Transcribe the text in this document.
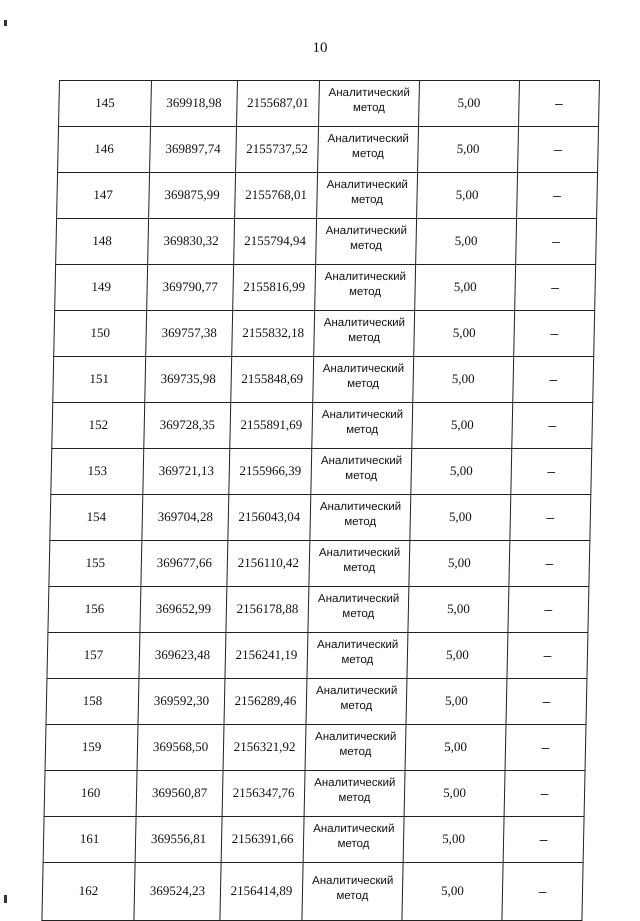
10
145	369918,98	2155687,01	Аналитический метод	5,00	–
146	369897,74	2155737,52	Аналитический метод	5,00	–
147	369875,99	2155768,01	Аналитический метод	5,00	–
148	369830,32	2155794,94	Аналитический метод	5,00	–
149	369790,77	2155816,99	Аналитический метод	5,00	–
150	369757,38	2155832,18	Аналитический метод	5,00	–
151	369735,98	2155848,69	Аналитический метод	5,00	–
152	369728,35	2155891,69	Аналитический метод	5,00	–
153	369721,13	2155966,39	Аналитический метод	5,00	–
154	369704,28	2156043,04	Аналитический метод	5,00	–
155	369677,66	2156110,42	Аналитический метод	5,00	–
156	369652,99	2156178,88	Аналитический метод	5,00	–
157	369623,48	2156241,19	Аналитический метод	5,00	–
158	369592,30	2156289,46	Аналитический метод	5,00	–
159	369568,50	2156321,92	Аналитический метод	5,00	–
160	369560,87	2156347,76	Аналитический метод	5,00	–
161	369556,81	2156391,66	Аналитический метод	5,00	–
162	369524,23	2156414,89	Аналитический метод	5,00	–
